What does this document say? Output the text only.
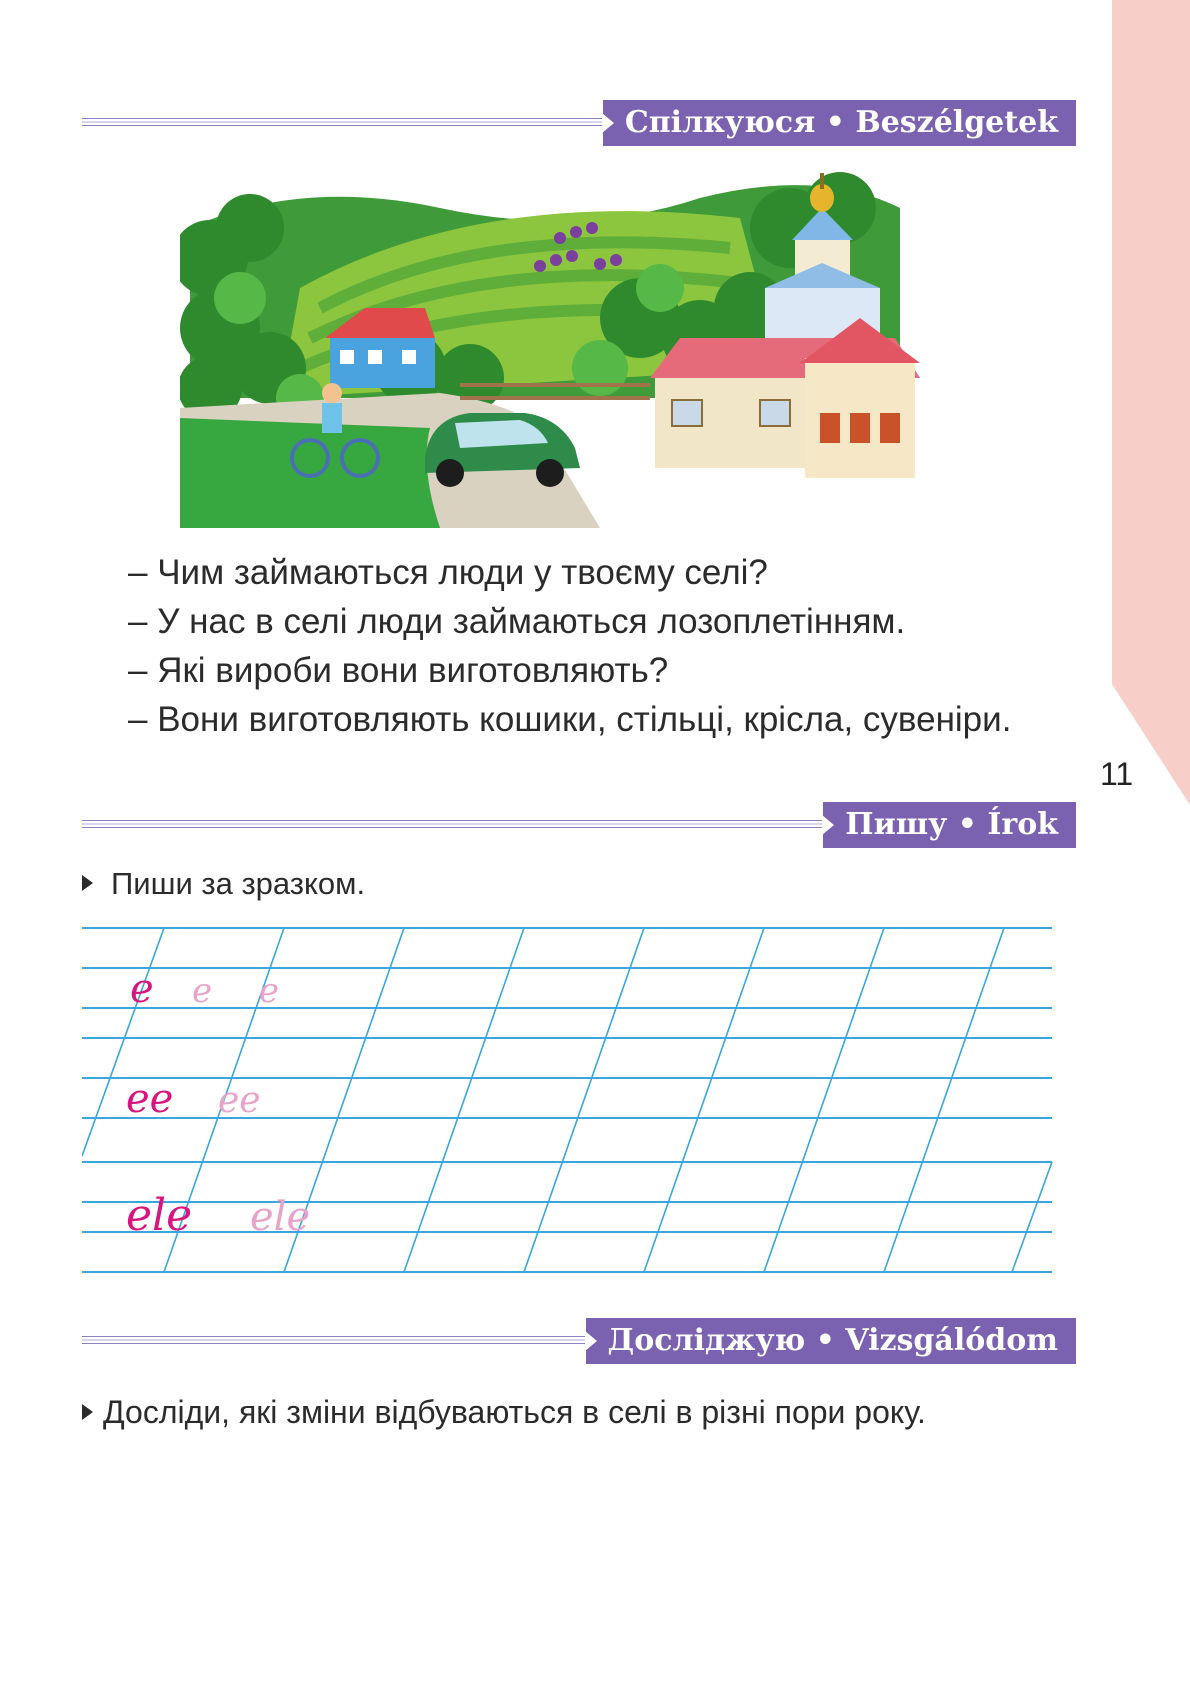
11
Спілкуюся • Beszélgetek

– Чим займаються люди у твоєму селі?

– У нас в селі люди займаються лозоплетінням.

– Які вироби вони виготовляють?

– Вони виготовляють кошики, стільці, крісла, сувеніри.

Пишу • Írok
Пиши за зразком.
e e e
ee ee
ele ele
Досліджую • Vizsgálódom
Досліди, які зміни відбуваються в селі в різні пори року.
